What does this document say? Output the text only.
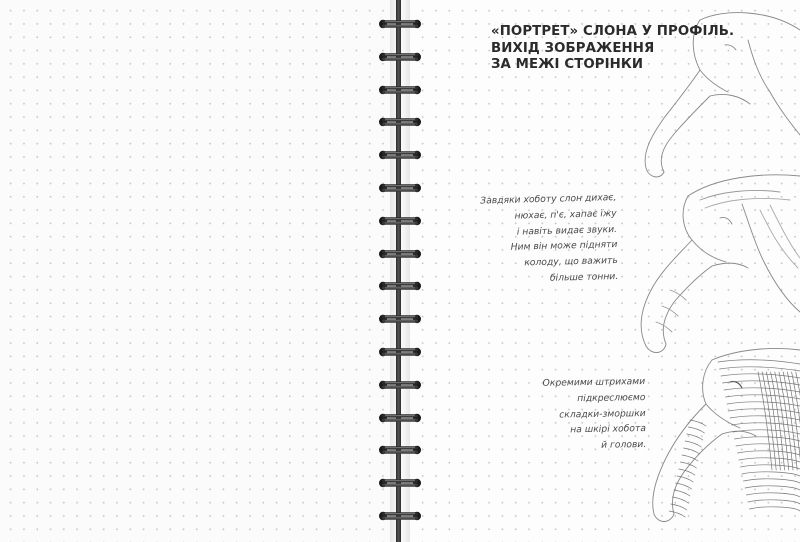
«ПОРТРЕТ» СЛОНА У ПРОФІЛЬ.
ВИХІД ЗОБРАЖЕННЯ
ЗА МЕЖІ СТОРІНКИ
Завдяки хоботу слон дихає,
нюхає, п'є, хапає їжу
і навіть видає звуки.
Ним він може підняти
колоду, що важить
більше тонни.
Окремими штрихами
підкреслюємо
складки-зморшки
на шкірі хобота
й голови.
